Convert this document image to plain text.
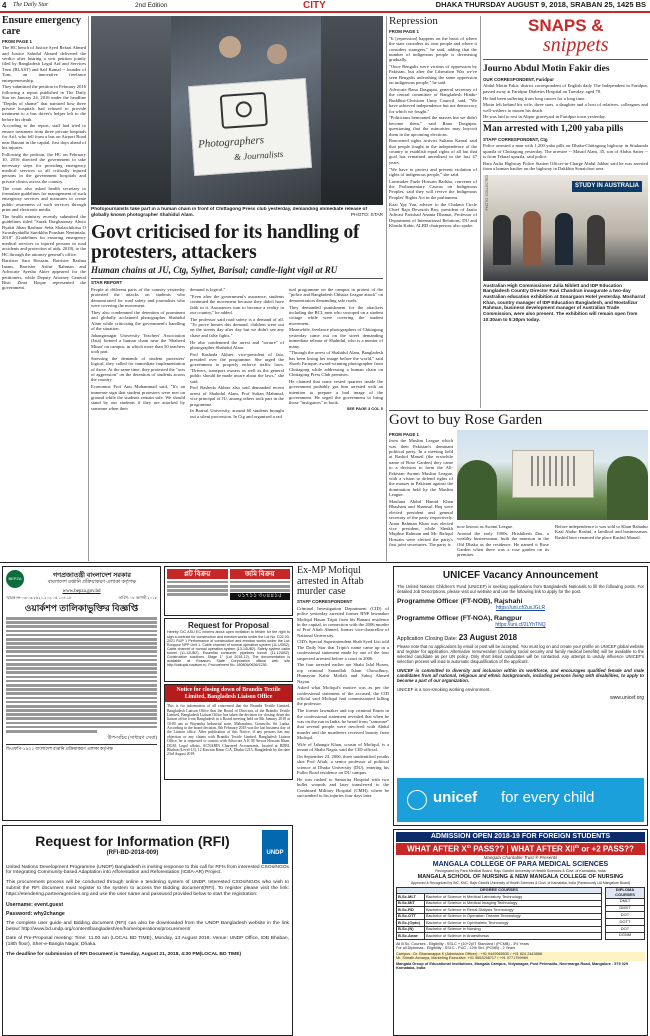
4 The Daily Star	2nd Edition	CITY	DHAKA THURSDAY AUGUST 9, 2018, SRABAN 25, 1425 BS
Ensure emergency care
FROM PAGE 1

The HC bench of Justice Syed Refaat Ahmed and Justice Sahidul Ahmed delivered the verdict after hearing a writ petition jointly filed by Bangladesh Legal Aid and Services Trust (BLAST) and Saif Kamal -- founder of Tom, an innovative freelance entrepreneurship.

They submitted the petition in February 2016 following a report published in The Daily Star on January 24, 2016 under the headline "Depths of shame" that narrated how three private hospitals had refused to provide treatment to a bus driver's helper left to die before his death.

According to the report, staff had tried to ensure treatment from three private hospitals for Arif, who fell from a bus on Airport Road near Banani in the capital, first days ahead of his injuries.

Following the petition, the HC on February 10, 2016 directed the government to take necessary steps for providing emergency medical services to all critically injured persons in the government hospitals and private clinics across the country.

The court also asked health secretary to formulate guidelines for management of such emergency services and measures to create public awareness of such services through print and electronic media.

The health ministry recently submitted the guidelines titled "Sarak Durghatonay Ahoto Byakti Jiban Bashnor Seba Shalaichikitsa O Swasthyabidhi Sarokkha Poushan Nentimala, 2018" (Guidelines for ensuring emergency medical services to injured persons in road accidents and protection of aids, 2018), to the HC through the attorney general's office.

Barrister Sara Hossain, Barrister Rashna Imam, Barrister Arifur Rahman and Advocate Ayesha Akter appeared for the petitioners, while Deputy Attorney General Bisti Zinat Hoque represented the government.

Photographers
& Journalists
Photojournalists take part in a human chain in front of Chittagong Press club yesterday, demanding immediate release of globally known photographer Shahidul Alam.	PHOTO: STAR
Govt criticised for its handling of protesters, attackers
Human chains at JU, Ctg, Sylhet, Barisal; candle-light vigil at RU
STAR REPORT

People at different parts of the country yesterday protested the attacks on students who demonstrated for road safety and journalists who were covering the movement.

They also condemned the detention of prominent and globally acclaimed photographer Shahidul Alam while criticising the government's handling of the situation.

Jahangirnagar University Teachers' Association (Jata) formed a human chain near the 'Shaheed Minar' on campus, in which more than 50 teachers took part.

Stressing the demands of student protesters' logical, they called for immediate implementation of those. At the same time, they protested the "acts of aggression" on the detention of students across the country.

Economist Prof Anu Muhammad said, "It's an immense sign that student protesters were met on ground while the students remain safe. We should stand by our students if they are attacked by someone when their

demand is logical."

"Even after the government's assurance, students continued the movement because they didn't have faith in it. Assurances turn to become a reality in our country," he added.

The professor said road safety is a demand of all. "To prove homes this demand, children were out on the streets day after day but we didn't see any chase and false fights."

He also condemned the arrest and "torture" of photographer Shahidul Alam.

Prof Rasheda Akhter, vice-president of Jata, presided over the programme. She urged the government to properly enforce traffic laws. "Drivers, transport owners as well as the general public should be made aware about the laws," she said.

Prof Rasheda Akhter also said demanded recent arrest of Shahidul Alam, Prof Sultan Mahmud, vice principal of JU, among others took part in the programme.

In Barisal University, around 60 students brought out a silent procession. In Ctg and organised a rad

tual programme on the campus in protest of the "police and Bangladesh Chhatra League attack" on demonstrators demanding safe roads.

They demanded punishment for the attackers including the BCL men who swooped on a student cottage while were covering the student movement.

Meanwhile, freelance photographers of Chittagong yesterday came out on the street demanding immediate release of Shahidul, who is a mentor of many.

"Through the arrest of Shahidul Alam, Bangladesh has been losing her image before the world," said Shoeb Faruque, award-winning photographer from Chittagong while addressing a human chain on Chittagong Press Club premises.

He claimed that some vested quarters inside the government probably got him arrested with an intention to prepare a bad image of the government. He urged the government to bring those "instigators" to book.

SEE PAGE 3 COL 5

Repression
FROM PAGE 1

"It [repression] happens on the basis of where the state considers its own people and where it considers strangers," he said, adding that the number of indigenous people is decreasing gradually.

"Once Bengalis were victims of oppression by Pakistan, but after the Liberation War we've seen Bengalis unleashing the same oppression on indigenous people," he said.

Advocate Rana Dasgupta, general secretary of the central committee of Bangladesh Hindu-Buddhist-Christian Unity Council, said, "We have achieved independence but not democracy for which we fought."

"Politicians bemoaned the masses but we didn't become them," said Rana Dasgupta, questioning that the minorities may boycott them in the upcoming elections.

Renowned rights activist Sultana Kamal said that people fought in the independence of the country to establish equal rights of all but that goal has remained unrealised in the last 47 years.

"We have to protect and prevent violation of rights of indigenous people," she said.

Lawmaker Fazle Hossain Badsha, convener of the Parliamentary Caucus on Indigenous Peoples, said they will revive the Indigenous Peoples' Rights Act in the parliament.

Kazi Ypy Yan, adviser to the Chakma Circle Chief Raja Devasish Roy, president of Jaatio Adivasi Parishad Ananta Dhamai, Professor of Department of International Relations, DU and Khushi Kabir, ALRD chairperson, also spoke.

SNAPS &
snippets
Journo Abdul Motin Fakir dies
OUR CORRESPONDENT, Faridpur

Abdul Motin Fakir, district correspondent of English daily The Independent in Faridpur, passed away at Faridpur Diabetes Hospital on Tuesday, aged 78.

He had been suffering from long cancer for a long time.

Motin left behind his wife, three sons, a daughter and a host of relatives, colleagues and well-wishers to mourn his death.

He was laid to rest in Alipur graveyard in Faridpur town yesterday.

Man arrested with 1,200 yaba pills
STAFF CORRESPONDENT, Ctg

Police arrested a man with 1,200 yaba pills on Dhaka-Chittagong highway in Sitakunda upazila of Chittagong yesterday. The arrestee -- Masud Alam, 35, son of Abdus Satter -- is from Teknaf upazila, said police.

Bara Aulia Highway Police Station Officer-in-Charge Abdul Jabbar said he was arrested from a human haulier on the highway in Dakkhin Sonaichari area.

STUDY IN AUSTRALIA
PHOTO: COLLECTED
Australian High Commissioner Julia Niblett and IDP Education Bangladesh Country Director Ravi Chandran inaugurate a two-day Australian education exhibition at Sonargaon Hotel yesterday. Mosharraf Khan, country manager of IDP Education Bangladesh, and Mostafizur Rahman, business development manager of Australian Trade Commission, were also present. The exhibition will remain open from 10:30am to 5:30pm today.
Govt to buy Rose Garden
FROM PAGE 1

from the Muslim League which was then Pakistan's dominant political party. In a meeting held at Rashid Manzil (the erstwhile name of Rose Garden) they came to a decision to form the All-Pakistan Awami Muslim League, with a vision to defend rights of the masses in Pakistan against the domination held by the Muslim League.

Maulana Abdul Hamid Khan Bhashani and Shamsul Haq were elected president and general secretary of the party respectively. Ataur Rahman Khan was elected vice president, while Sheikh Mujibur Rahman and Mr. Rafiqul Hossain were elected the party's first joint secretaries. The party is

now known as Awami League.

Around the early 1900s, Hrishikesh Das, a wealthy businessman, built the mansion in the Old Dhaka as the residence. He named it Rose Garden when there was a rose garden on its premises.

Before independence it was sold to Khan Bahadur Kazi Abdur Rashid, a landlord and businessman. Rashid later renamed the place Rashid Manzil.

BEPZA	গণপ্রজাতন্ত্রী বাংলাদেশ সরকার
বাংলাদেশ রপ্তানি প্রক্রিয়াকরণ এলাকা কর্তৃপক্ষ
www.bepza.gov.bd
স্মারক নং-০৩.০৩.২৬২১.২০২.০৫.১০৪.১৮	তারিখ: ০৮ আগস্ট ২০১৮
ওয়ার্কশপ তালিকাভুক্তির বিজ্ঞপ্তি
উপ-সচিব (সাধারণ সেবা)
ডিএফপি-১৯২১ বাংলাদেশ রপ্তানি প্রক্রিয়াকরণ এলাকা কর্তৃপক্ষ
প্লট বিক্রয়	জমি বিক্রয়
০১৭১১ ৩০৪৪১৫
Request for Proposal
Hereby CIC ASU EC informs about open invitation to tender for the right to sign a contract for construction and erection works under the Lot No. C02-03-2021 RUP 1 Performance of construction and erection works under the Lot: Rooppur NPP Unit 1. Cable channel of normal operation system (11-UGB2). Cable channel of normal operation system (13-14UB2). Safety system cable tunnel (11-12UBZ). Essential consumer pipelines tunnel (11-12UBZ). Construction solutions. Stage 1" (Lot 2018-12). The documentation is available at Rosatom State Corporation official web site http://zakupki.rosatom.ru. Procurement No. 180806/0636/1236.
Notice for closing down of Brandix Textile Limited, Bangladesh Liaison Office
This is for information of all concerned that the Brandix Textile Limited, Bangladesh Liaison Office that the Board of Directors of the Brandix Textile Limited, Bangladesh Liaison Office has taken the decision for closing down the liaison office from Bangladesh in a Board meeting held on 8th January 2018 at 10:00 am at Wayamba industrial zone, Makandura, Gonawila, Sri Lanka. According to the board decision, 8th February 2018 was the last business day of the Liaison office. After publication of this Notice, if any persons has any objection or any claims with Brandix Textile Limited, Bangladesh Liaison Office, he is requested to contact with Advocate A K M Anwar Hossain Khan, DGM, Legal affairs, ACNABIN Chartered Accountants, located at BDBL Bhaban (Level-13), 12 Kawran Bazar C/A, Dhaka-1215, Bangladesh by the date 23rd August 2018.
Ex-MP Mofiqul arrested in Aftab murder case
STAFF CORRESPONDENT

Criminal Investigation Department (CID) of police yesterday arrested former BNP lawmaker Mofiqul Hasan Tripti from his Banani residence in the capital, in connection with the 2006 murder of Prof Aftab Ahmed, former vice-chancellor of National University.

CID's Special Superintendent Shah Syed Lisi told The Daily Star that Tripti's name came up in a confessional statement made by one of the four suspected arrested before a court in 2006.

The four arrested earlier are Shahi Jalal Hosen, top criminal Sanaullah Islam Chowdhury, Humayun Kabir Mollah and Sabuj Ahmed Nayan.

Asked what Mofiqul's motive was as per the confessional statement of the accused, the CID official said Mofiqul had commissioned killing the professor.

The former lawmaker and top criminal Emon in the confessional statement revealed that when he was on the run in India, he heard from "someone" that several people were involved with Abdul murder and the murderers received bounty from Mofiqul.

Wife of Jahangir Khan, cousin of Mofiqul, is a tenant of Shahi Nagar, said the CID official.

On September 23, 2006, three unidentified youths shot Prof Aftab, a senior professor of political science at Dhaka University (DU), entering his Fuller Road residence on DU campus.

He was rushed to Samorita Hospital with two bullet wounds and later transferred to the Combined Military Hospital (CMH), where he succumbed to his injuries four days later.

UNICEF Vacancy Announcement
The United Nations Children's Fund (UNICEF) is seeking applications from Bangladeshi Nationals to fill the following posts. For detailed Job Descriptions, please visit our website and use the following link to apply for the post.
Programme Officer (FT-NOB), Rajshahi
https://uni.cf/2uxJGLR
Programme Officer (FT-NOA), Rangpur
https://uni.cf/2LYhTNQ
Application Closing Date: 23 August 2018
Please note that no applications by email or post will be accepted. You must log on and create your profile on UNICEF global website and register for application. Alternative remuneration (including social security and family medical benefits) will be available to the selected candidate as per UN policy. Only short listed candidates will be contacted. Any attempt to unduly influence UNICEF's selection process will lead to automatic disqualification of the applicant.
UNICEF is committed to diversity and inclusion within its workforce, and encourages qualified female and male candidates from all national, religious and ethnic backgrounds, including persons living with disabilities, to apply to become a part of our organization.
UNICEF is a non-smoking working environment.
www.unicef.org
unicef for every child
UNDP
Request for Information (RFI)
(RFI-BD-2018-009)
United Nations Development Programme (UNDP) Bangladesh is inviting response to this call for RFIs from interested CSOs/NGOs for Integrating Community-based Adaptation into Afforestation and Reforestation (ICBA-AR) Project.
This procurement process will be conducted through online e tendering system of UNDP. Interested CSOs/NGOs who wish to submit the RFI document must register to the system to access the Bidding document(RFI). To register please visit the link: https://etendering.partneragencies.org and use the user name and password provided below to start the registration:
Username: event.guest
Password: why2change
The complete user guide and Bidding document (RFI) can also be downloaded from the UNDP Bangladesh website in the link below: http://www.bd.undp.org/content/bangladesh/en/home/operations/procurement/
Date of Pre-Proposal meeting: Time: 11.00 am (LOCAL BD TIME), Monday, 13 August 2018. Venue: UNDP Office, IDB Bhaban, (18th floor), Sher-e-Bangla Nagar, Dhaka.
The deadline for submission of RFI Document is Tuesday, August 21, 2018, 4:30 PM(LOCAL BD TIME)
ADMISSION OPEN 2018-19 FOR FOREIGN STUDENTS
WHAT AFTER Xth PASS?? | WHAT AFTER XIIth or +2 PASS??
Mangala Charitable Trust ® Presents
MANGALA COLLEGE OF PARA MEDICAL SCIENCES
Recognized by Para Medical Board, Raju Gandhi University of Health Sciences & Govt. of Karnataka, India
MANGALA SCHOOL OF NURSING & NEW MANGALA COLLEGE OF NURSING
Approved & Recognized by INC, KNC, Rajiv Gandhi University of Health Sciences & Govt. of Karnataka, India (Paramounty Ltd Mangalore Board)
DEGREE COURSES	
B.Sc.MLT	Bachelor of Science in Medical Laboratory Technology
B.Sc.MIT	Bachelor of Science in Medical Imaging Technology
B.Sc.RD	Bachelor of Science in Renal Dialysis Technology
B.Sc.OTT	Bachelor of Science in Operation Theatre Technology
B.Sc.(Opto)	Bachelor of Science in Ophthalmic Technology
B.Sc.(N)	Bachelor of Science in Nursing
B.Sc.Anae	Bachelor of Science in Anaesthesia
DIPLOMA COURSES
DMLT
DMXT
DOT
DOTT
DOT
DGNM
All B.Sc. Courses - Eligibility : SSLC + (10+2)/IT Standard / (PCMB) - 3½ Years
For all Diplomas - Eligibility : SSLC - PUC - 12th Std. (PCMB) - 2 Years
Campus : Dr. Bhavanappa K (Admission Officer) : +91 9449965530 / +91 824 2443888
Mr. Srinath Acharya, Marketing Executive: +91 9663258717 / +91 9771759969
Mangala Group of Educational Institutions, Mangala Campus, Vidyanagar, Post Pelenaidu, Neermarga Road, Mangalore - 575 029 Karnataka, India
